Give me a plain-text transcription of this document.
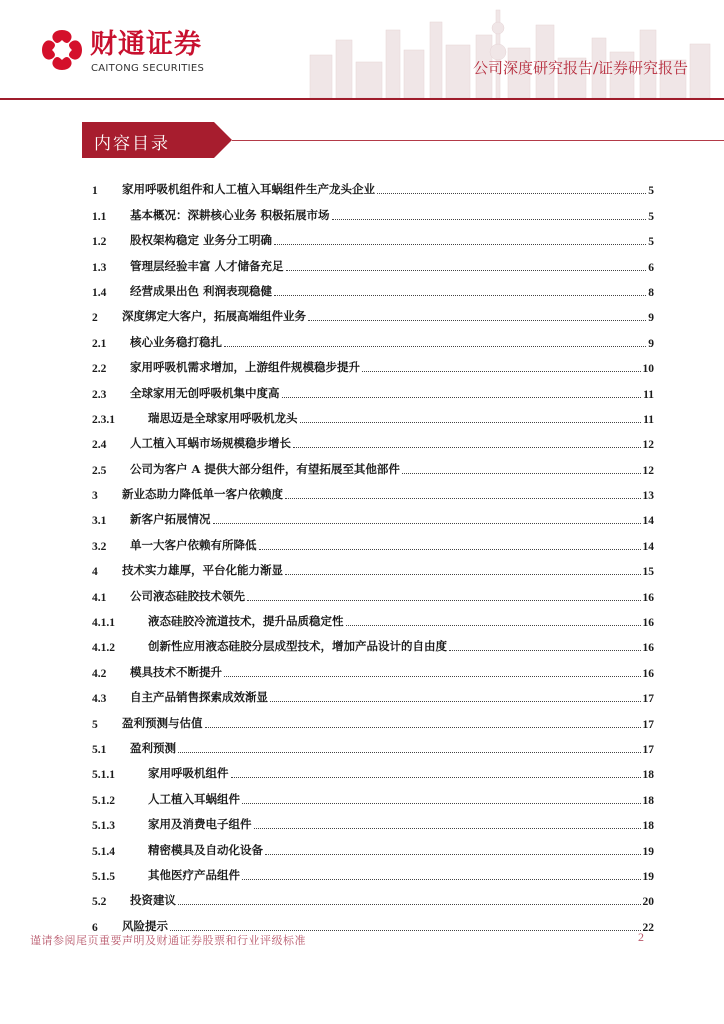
财通证券
CAITONG SECURITIES	公司深度研究报告/证券研究报告
内容目录
1	家用呼吸机组件和人工植入耳蜗组件生产龙头企业	5
1.1	基本概况：深耕核心业务 积极拓展市场	5
1.2	股权架构稳定 业务分工明确	5
1.3	管理层经验丰富 人才储备充足	6
1.4	经营成果出色 利润表现稳健	8
2	深度绑定大客户，拓展高端组件业务	9
2.1	核心业务稳打稳扎	9
2.2	家用呼吸机需求增加，上游组件规模稳步提升	10
2.3	全球家用无创呼吸机集中度高	11
2.3.1	瑞思迈是全球家用呼吸机龙头	11
2.4	人工植入耳蜗市场规模稳步增长	12
2.5	公司为客户 A 提供大部分组件，有望拓展至其他部件	12
3	新业态助力降低单一客户依赖度	13
3.1	新客户拓展情况	14
3.2	单一大客户依赖有所降低	14
4	技术实力雄厚，平台化能力渐显	15
4.1	公司液态硅胶技术领先	16
4.1.1	液态硅胶冷流道技术，提升品质稳定性	16
4.1.2	创新性应用液态硅胶分层成型技术，增加产品设计的自由度	16
4.2	模具技术不断提升	16
4.3	自主产品销售探索成效渐显	17
5	盈利预测与估值	17
5.1	盈利预测	17
5.1.1	家用呼吸机组件	18
5.1.2	人工植入耳蜗组件	18
5.1.3	家用及消费电子组件	18
5.1.4	精密模具及自动化设备	19
5.1.5	其他医疗产品组件	19
5.2	投资建议	20
6	风险提示	22
谨请参阅尾页重要声明及财通证券股票和行业评级标准	2
